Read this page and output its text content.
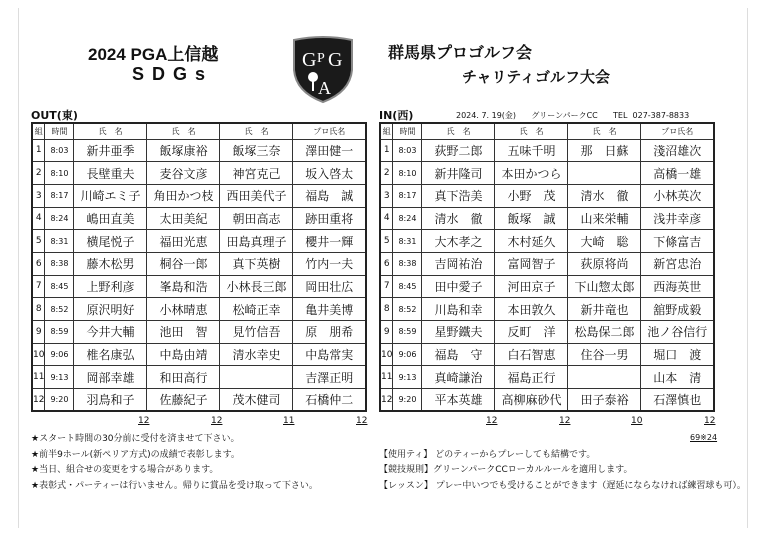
2024 PGA上信越
SDGs
G P G
A
群馬県プロゴルフ会
チャリティゴルフ大会
OUT(東)	IN(西)	2024. 7. 19(金) グリーンパークCC TEL  027-387-8833
組	時間	氏　名	氏　名	氏　名	プロ氏名
1	8:03	新井亜季	飯塚康裕	飯塚三奈	澤田健一
2	8:10	長壁重夫	麦谷文彦	神宮克己	坂入啓太
3	8:17	川崎エミ子	角田かつ枝	西田美代子	福島　誠
4	8:24	嶋田直美	太田美紀	朝田高志	跡田重将
5	8:31	横尾悦子	福田光恵	田島真理子	櫻井一輝
6	8:38	藤木松男	桐谷一郎	真下英樹	竹内一夫
7	8:45	上野利彦	峯島和浩	小林長三郎	岡田壮広
8	8:52	原沢明好	小林晴恵	松崎正幸	亀井美博
9	8:59	今井大輔	池田　智	見竹信吾	原　朋希
10	9:06	椎名康弘	中島由靖	清水幸史	中島常実
11	9:13	岡部幸雄	和田高行		吉澤正明
12	9:20	羽鳥和子	佐藤紀子	茂木健司	石橋仲二
組	時間	氏　名	氏　名	氏　名	プロ氏名
1	8:03	荻野二郎	五味千明	那　日蘇	淺沼雄次
2	8:10	新井隆司	本田かつら		高橋一雄
3	8:17	真下浩美	小野　茂	清水　徹	小林英次
4	8:24	清水　徹	飯塚　誠	山来栄輔	浅井幸彦
5	8:31	大木孝之	木村延久	大崎　聡	下條富吉
6	8:38	吉岡祐治	富岡智子	荻原将尚	新宮忠治
7	8:45	田中愛子	河田京子	下山惣太郎	西海英世
8	8:52	川島和幸	本田敦久	新井竜也	舘野成毅
9	8:59	星野鐵夫	反町　洋	松島保二郎	池ノ谷信行
10	9:06	福島　守	白石智恵	住谷一男	堀口　渡
11	9:13	真崎謙治	福島正行		山本　清
12	9:20	平本英雄	高柳麻砂代	田子泰裕	石澤慎也
12	12	11	12	12	12	10	12
69※24
★スタート時間の30分前に受付を済ませて下さい。
★前半9ホール(新ペリア方式)の成績で表彰します。
★当日、組合せの変更をする場合があります。
★表彰式・パーティーは行いません。帰りに賞品を受け取って下さい。
【使用ティ】 どのティーからプレーしても結構です。
【競技規則】グリーンパークCCローカルルールを適用します。
【レッスン】 プレー中いつでも受けることができます（遅延にならなければ練習球も可）。
